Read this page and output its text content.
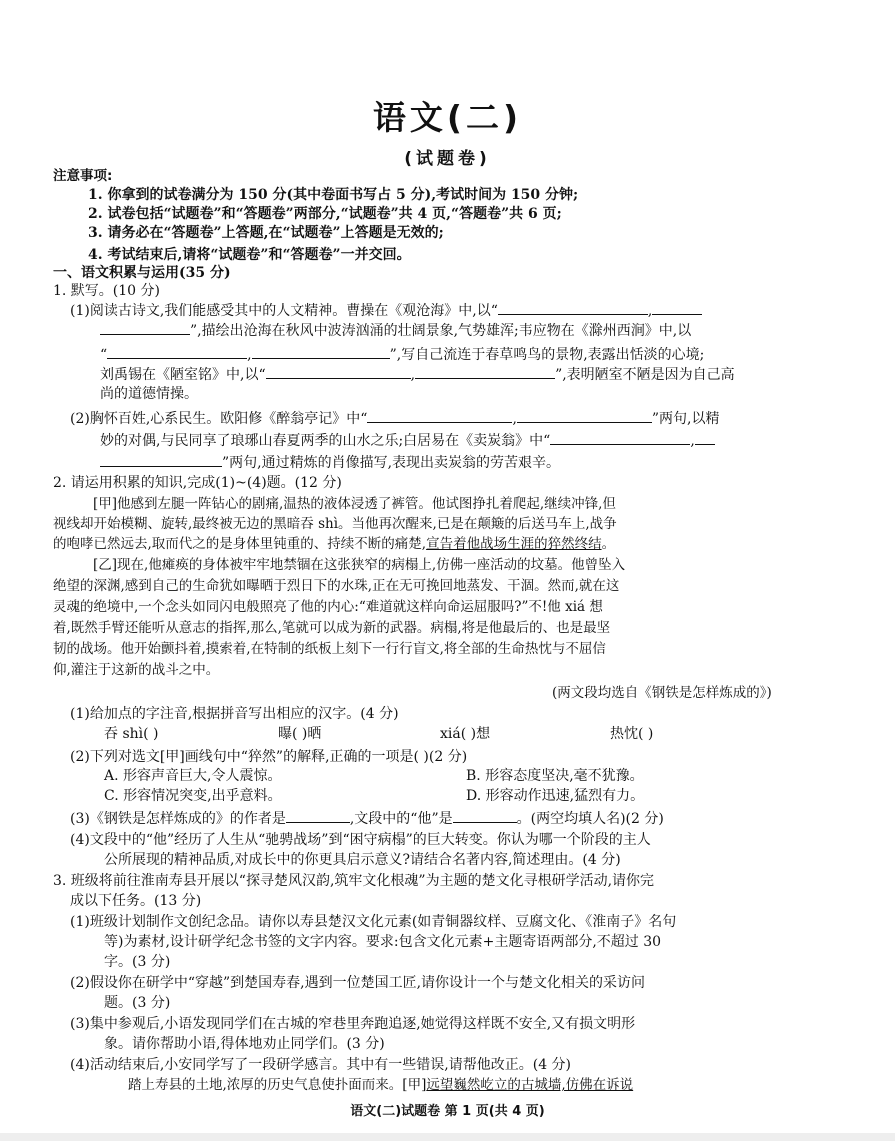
语文(二)
(试题卷)
注意事项:
1. 你拿到的试卷满分为 150 分(其中卷面书写占 5 分),考试时间为 150 分钟;
2. 试卷包括“试题卷”和“答题卷”两部分,“试题卷”共 4 页,“答题卷”共 6 页;
3. 请务必在“答题卷”上答题,在“试题卷”上答题是无效的;
4. 考试结束后,请将“试题卷”和“答题卷”一并交回。
一、语文积累与运用(35 分)
1. 默写。(10 分)
(1)阅读古诗文,我们能感受其中的人文精神。曹操在《观沧海》中,以“	,
”,描绘出沧海在秋风中波涛汹涌的壮阔景象,气势雄浑;韦应物在《滁州西涧》中,以
“	,	”,写自己流连于春草鸣鸟的景物,表露出恬淡的心境;
刘禹锡在《陋室铭》中,以“	,	”,表明陋室不陋是因为自己高
尚的道德情操。
(2)胸怀百姓,心系民生。欧阳修《醉翁亭记》中“	,	”两句,以精
妙的对偶,与民同享了琅琊山春夏两季的山水之乐;白居易在《卖炭翁》中“	,
”两句,通过精炼的肖像描写,表现出卖炭翁的劳苦艰辛。
2. 请运用积累的知识,完成(1)~(4)题。(12 分)
[甲]他感到左腿一阵钻心的剧痛,温热的液体浸透了裤管。他试图挣扎着爬起,继续冲锋,但
视线却开始模糊、旋转,最终被无边的黑暗吞 shì。当他再次醒来,已是在颠簸的后送马车上,战争
的咆哮已然远去,取而代之的是身体里钝重的、持续不断的痛楚,宣告着他战场生涯的猝然终结。
[乙]现在,他瘫痪的身体被牢牢地禁锢在这张狭窄的病榻上,仿佛一座活动的坟墓。他曾坠入
绝望的深渊,感到自己的生命犹如曝晒于烈日下的水珠,正在无可挽回地蒸发、干涸。然而,就在这
灵魂的绝境中,一个念头如同闪电般照亮了他的内心:“难道就这样向命运屈服吗?”不!他 xiá 想
着,既然手臂还能听从意志的指挥,那么,笔就可以成为新的武器。病榻,将是他最后的、也是最坚
韧的战场。他开始颤抖着,摸索着,在特制的纸板上刻下一行行盲文,将全部的生命热忱与不屈信
仰,灌注于这新的战斗之中。
(两文段均选自《钢铁是怎样炼成的》)
(1)给加点的字注音,根据拼音写出相应的汉字。(4 分)
吞 shì( )	曝( )晒	xiá( )想	热忱( )
(2)下列对选文[甲]画线句中“猝然”的解释,正确的一项是( )(2 分)
A. 形容声音巨大,令人震惊。	B. 形容态度坚决,毫不犹豫。
C. 形容情况突变,出乎意料。	D. 形容动作迅速,猛烈有力。
(3)《钢铁是怎样炼成的》的作者是	,文段中的“他”是	。(两空均填人名)(2 分)
(4)文段中的“他”经历了人生从“驰骋战场”到“困守病榻”的巨大转变。你认为哪一个阶段的主人
公所展现的精神品质,对成长中的你更具启示意义?请结合名著内容,简述理由。(4 分)
3. 班级将前往淮南寿县开展以“探寻楚风汉韵,筑牢文化根魂”为主题的楚文化寻根研学活动,请你完
成以下任务。(13 分)
(1)班级计划制作文创纪念品。请你以寿县楚汉文化元素(如青铜器纹样、豆腐文化、《淮南子》名句
等)为素材,设计研学纪念书签的文字内容。要求:包含文化元素+主题寄语两部分,不超过 30
字。(3 分)
(2)假设你在研学中“穿越”到楚国寿春,遇到一位楚国工匠,请你设计一个与楚文化相关的采访问
题。(3 分)
(3)集中参观后,小语发现同学们在古城的窄巷里奔跑追逐,她觉得这样既不安全,又有损文明形
象。请你帮助小语,得体地劝止同学们。(3 分)
(4)活动结束后,小安同学写了一段研学感言。其中有一些错误,请帮他改正。(4 分)
踏上寿县的土地,浓厚的历史气息使扑面而来。[甲]远望巍然屹立的古城墙,仿佛在诉说
语文(二)试题卷 第 1 页(共 4 页)
